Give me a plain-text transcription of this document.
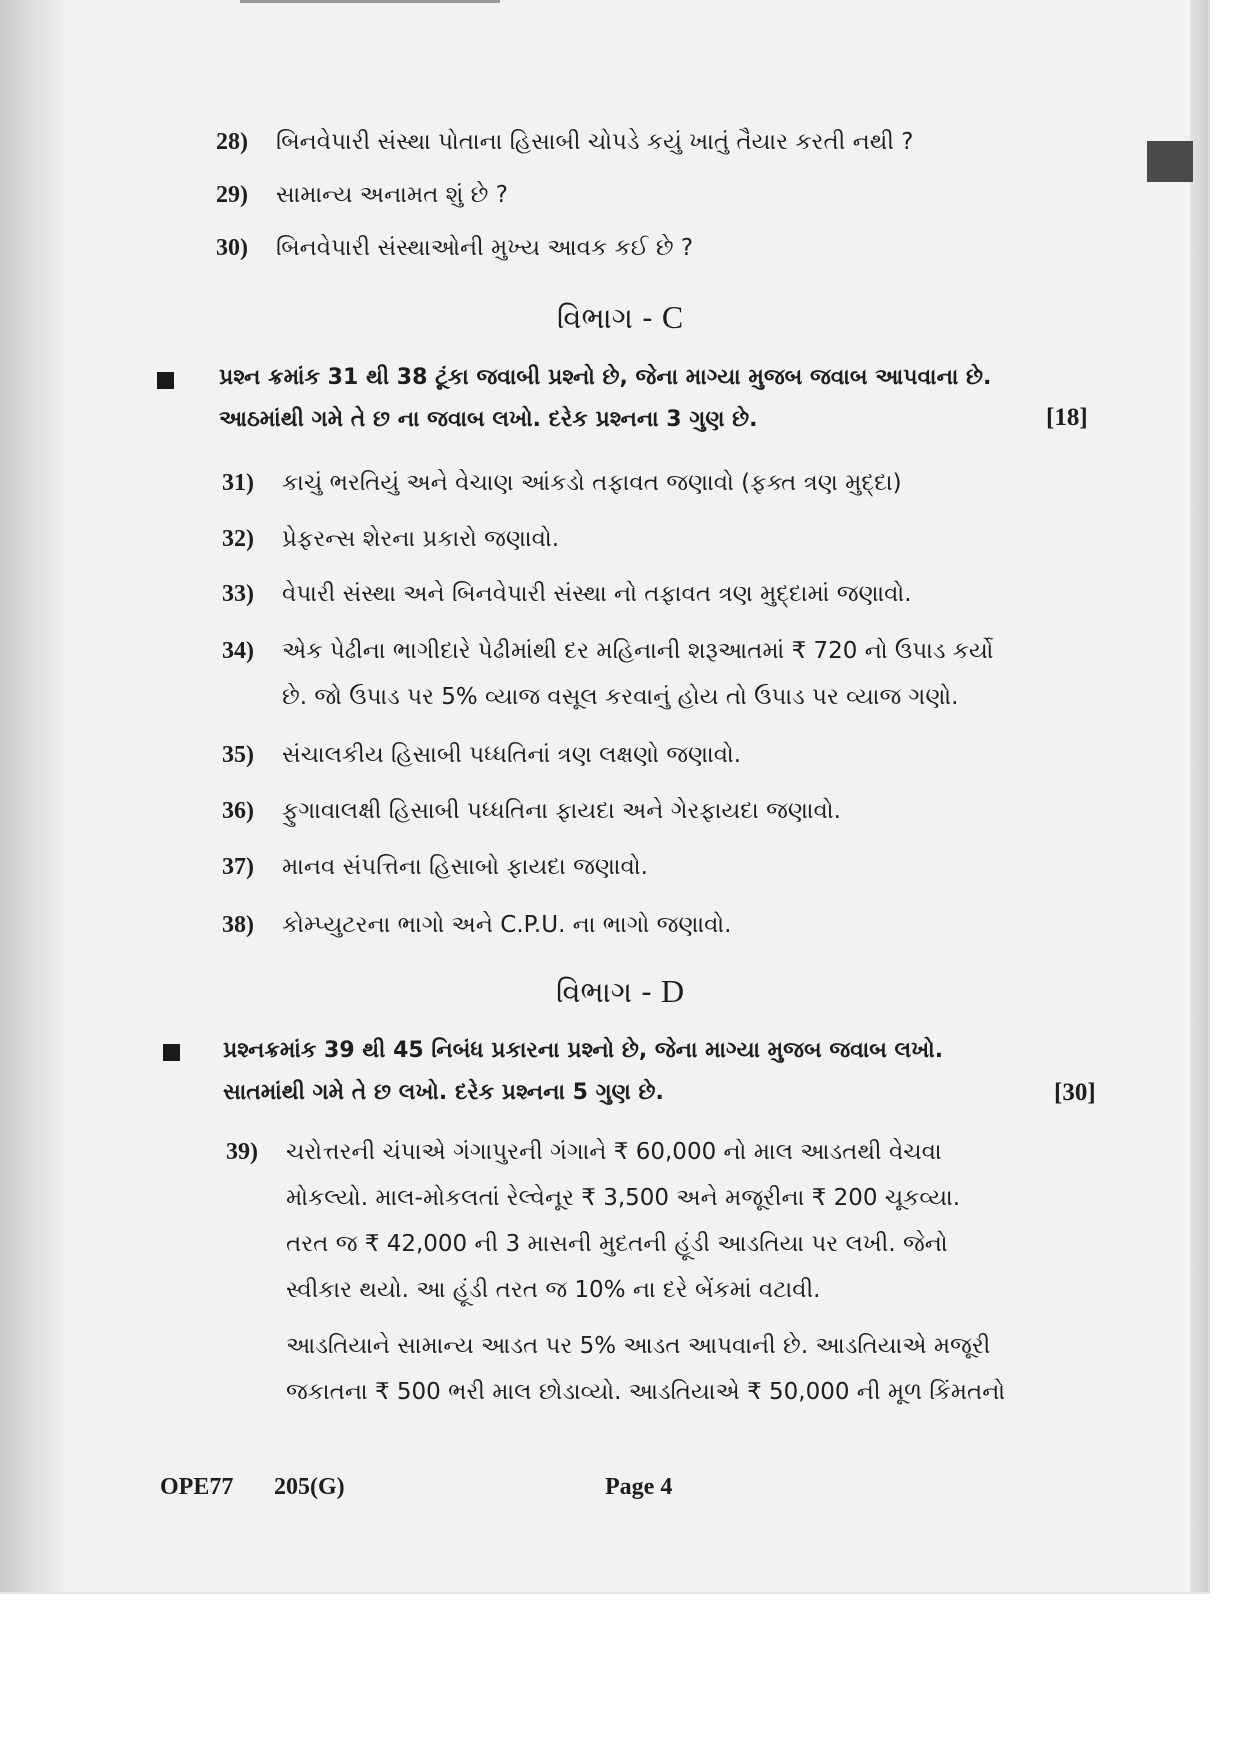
28) બિનવેપારી સંસ્થા પોતાના હિસાબી ચોપડે કયું ખાતું તૈયાર કરતી નથી ?
29) સામાન્ય અનામત શું છે ?
30) બિનવેપારી સંસ્થાઓની મુખ્ય આવક કઈ છે ?
વિભાગ - C
પ્રશ્ન ક્રમાંક 31 થી 38 ટૂંકા જવાબી પ્રશ્નો છે, જેના માગ્યા મુજબ જવાબ આપવાના છે.
આઠમાંથી ગમે તે છ ના જવાબ લખો. દરેક પ્રશ્નના 3 ગુણ છે.	[18]
31) કાચું ભરતિયું અને વેચાણ આંકડો તફાવત જણાવો (ફક્ત ત્રણ મુદ્દા)
32) પ્રેફરન્સ શેરના પ્રકારો જણાવો.
33) વેપારી સંસ્થા અને બિનવેપારી સંસ્થા નો તફાવત ત્રણ મુદ્દામાં જણાવો.
34) એક પેઢીના ભાગીદારે પેઢીમાંથી દર મહિનાની શરૂઆતમાં ₹ 720 નો ઉપાડ કર્યો
છે. જો ઉપાડ પર 5% વ્યાજ વસૂલ કરવાનું હોય તો ઉપાડ પર વ્યાજ ગણો.
35) સંચાલકીય હિસાબી પધ્ધતિનાં ત્રણ લક્ષણો જણાવો.
36) ફુગાવાલક્ષી હિસાબી પધ્ધતિના ફાયદા અને ગેરફાયદા જણાવો.
37) માનવ સંપત્તિના હિસાબો ફાયદા જણાવો.
38) કોમ્પ્યુટરના ભાગો અને C.P.U. ના ભાગો જણાવો.
વિભાગ - D
પ્રશ્નક્રમાંક 39 થી 45 નિબંધ પ્રકારના પ્રશ્નો છે, જેના માગ્યા મુજબ જવાબ લખો.
સાતમાંથી ગમે તે છ લખો. દરેક પ્રશ્નના 5 ગુણ છે.	[30]
39) ચરોત્તરની ચંપાએ ગંગાપુરની ગંગાને ₹ 60,000 નો માલ આડતથી વેચવા
મોકલ્યો. માલ-મોકલતાં રેલ્વેનૂર ₹ 3,500 અને મજૂરીના ₹ 200 ચૂકવ્યા.
તરત જ ₹ 42,000 ની 3 માસની મુદતની હૂંડી આડતિયા પર લખી. જેનો
સ્વીકાર થયો. આ હૂંડી તરત જ 10% ના દરે બેંકમાં વટાવી.
આડતિયાને સામાન્ય આડત પર 5% આડત આપવાની છે. આડતિયાએ મજૂરી
જકાતના ₹ 500 ભરી માલ છોડાવ્યો. આડતિયાએ ₹ 50,000 ની મૂળ કિંમતનો
OPE77 205(G)	Page 4
